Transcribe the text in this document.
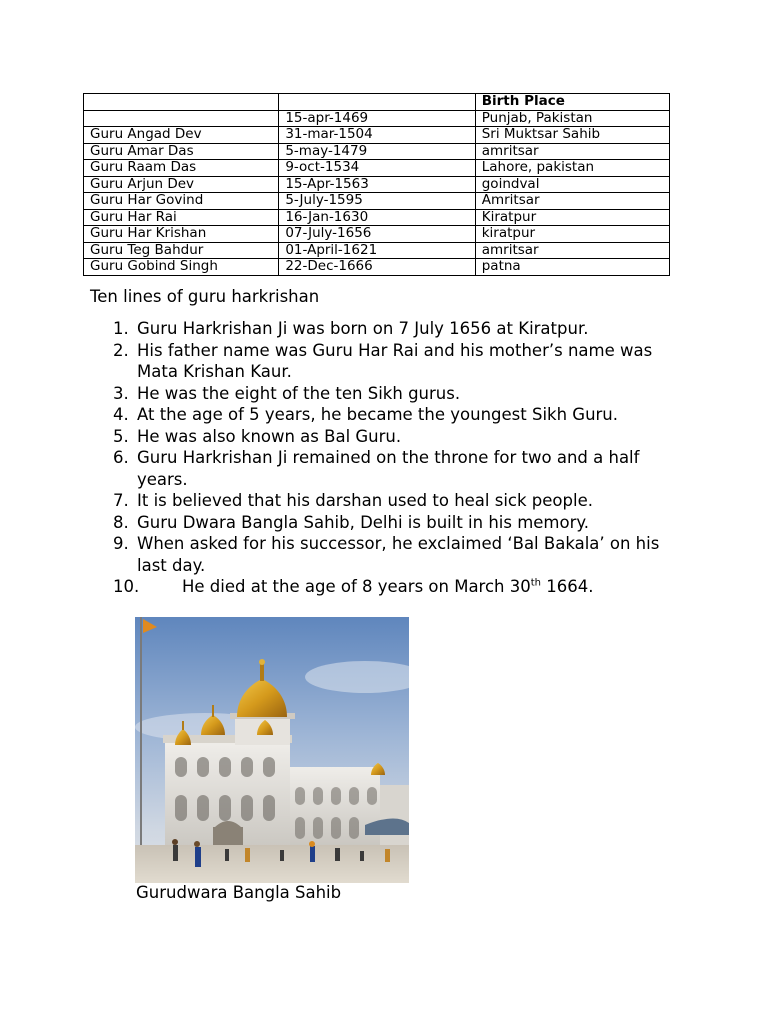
		Birth Place
	15-apr-1469	Punjab, Pakistan
Guru Angad Dev	31-mar-1504	Sri Muktsar Sahib
Guru Amar Das	5-may-1479	amritsar
Guru Raam Das	9-oct-1534	Lahore, pakistan
Guru Arjun Dev	15-Apr-1563	goindval
Guru Har Govind	5-July-1595	Amritsar
Guru Har Rai	16-Jan-1630	Kiratpur
Guru Har Krishan	07-July-1656	kiratpur
Guru Teg Bahdur	01-April-1621	amritsar
Guru Gobind Singh	22-Dec-1666	patna

Ten lines of guru harkrishan

1. Guru Harkrishan Ji was born on 7 July 1656 at Kiratpur.
2. His father name was Guru Har Rai and his mother’s name was Mata Krishan Kaur.
3. He was the eight of the ten Sikh gurus.
4. At the age of 5 years, he became the youngest Sikh Guru.
5. He was also known as Bal Guru.
6. Guru Harkrishan Ji remained on the throne for two and a half years.
7. It is believed that his darshan used to heal sick people.
8. Guru Dwara Bangla Sahib, Delhi is built in his memory.
9. When asked for his successor, he exclaimed ‘Bal Bakala’ on his last day.
10.	He died at the age of 8 years on March 30th 1664.

Gurudwara Bangla Sahib
